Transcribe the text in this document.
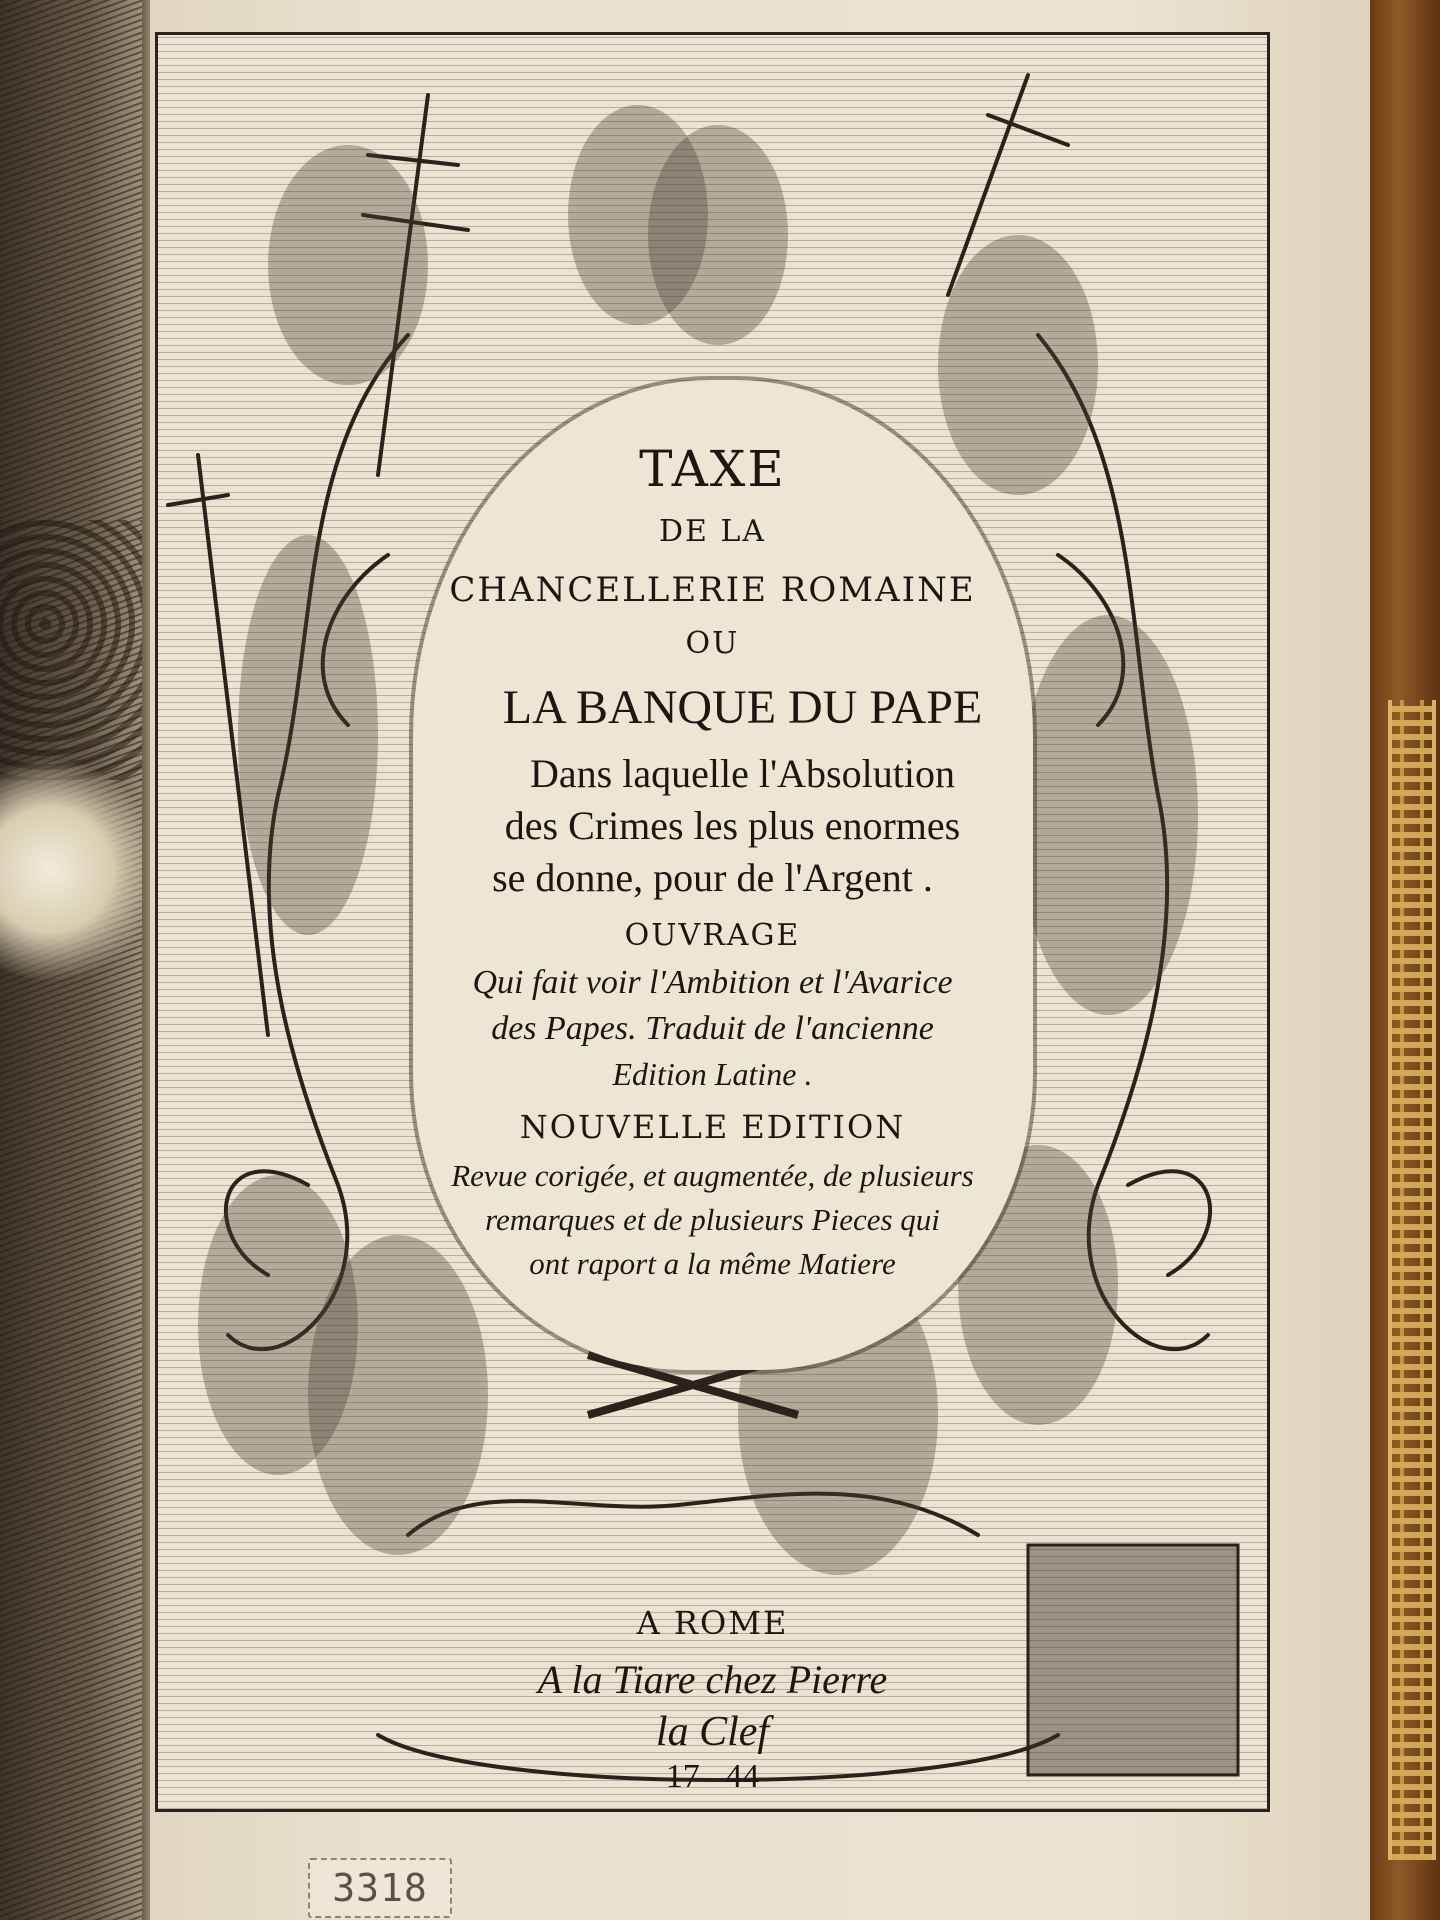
TAXE
DE LA
CHANCELLERIE ROMAINE
OU
LA BANQUE DU PAPE
Dans laquelle l'Absolution
des Crimes les plus enormes
se donne, pour de l'Argent .
OUVRAGE
Qui fait voir l'Ambition et l'Avarice
des Papes. Traduit de l'ancienne
Edition Latine .
NOUVELLE EDITION
Revue corigée, et augmentée, de plusieurs
remarques et de plusieurs Pieces qui
ont raport a la même Matiere
A ROME
A la Tiare chez Pierre
la Clef
17   44
3318
